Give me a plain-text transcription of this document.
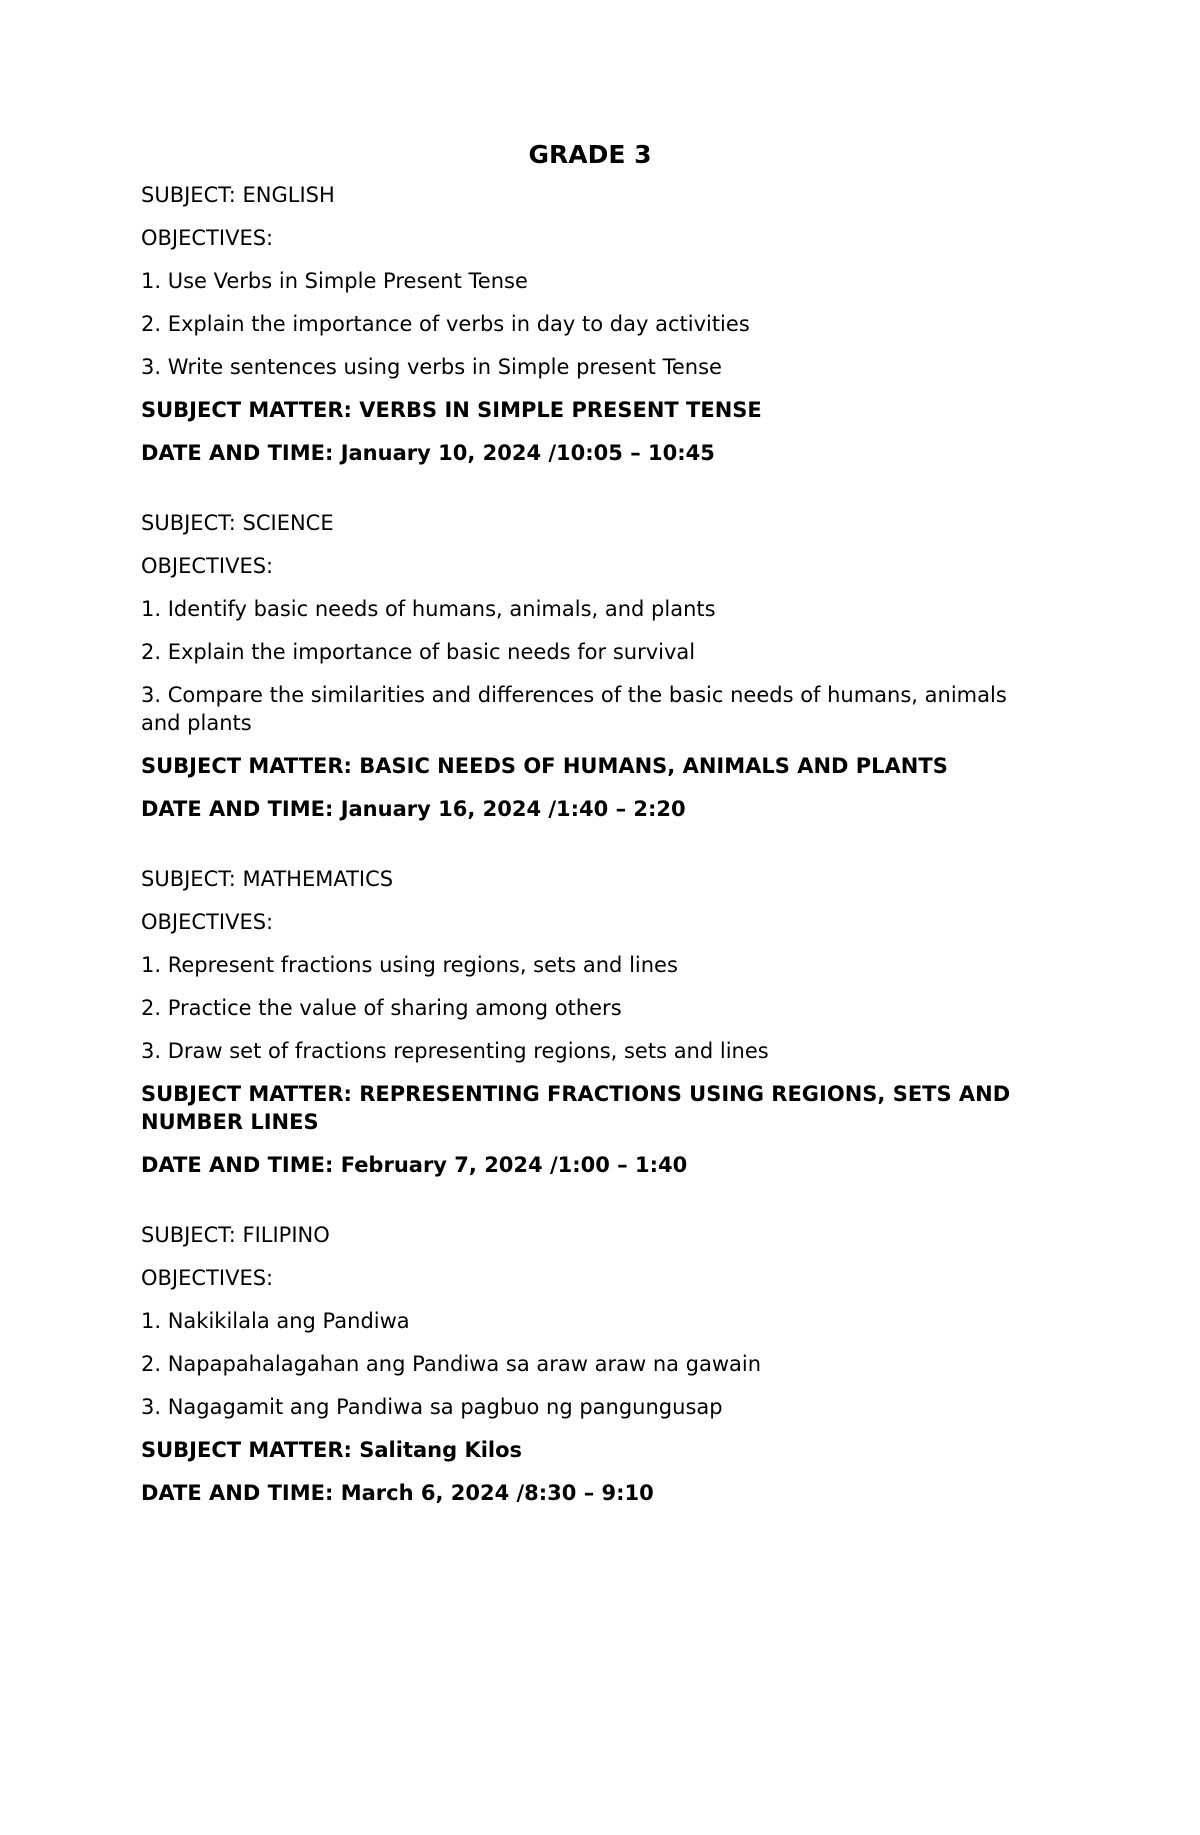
GRADE 3
SUBJECT: ENGLISH
OBJECTIVES:
1. Use Verbs in Simple Present Tense
2. Explain the importance of verbs in day to day activities
3. Write sentences using verbs in Simple present Tense
SUBJECT MATTER: VERBS IN SIMPLE PRESENT TENSE
DATE AND TIME: January 10, 2024 /10:05 – 10:45
SUBJECT: SCIENCE
OBJECTIVES:
1. Identify basic needs of humans, animals, and plants
2. Explain the importance of basic needs for survival
3. Compare the similarities and differences of the basic needs of humans, animals and plants
SUBJECT MATTER: BASIC NEEDS OF HUMANS, ANIMALS AND PLANTS
DATE AND TIME: January 16, 2024 /1:40 – 2:20
SUBJECT: MATHEMATICS
OBJECTIVES:
1. Represent fractions using regions, sets and lines
2. Practice the value of sharing among others
3. Draw set of fractions representing regions, sets and lines
SUBJECT MATTER: REPRESENTING FRACTIONS USING REGIONS, SETS AND NUMBER LINES
DATE AND TIME: February 7, 2024 /1:00 – 1:40
SUBJECT: FILIPINO
OBJECTIVES:
1. Nakikilala ang Pandiwa
2. Napapahalagahan ang Pandiwa sa araw araw na gawain
3. Nagagamit ang Pandiwa sa pagbuo ng pangungusap
SUBJECT MATTER: Salitang Kilos
DATE AND TIME: March 6, 2024 /8:30 – 9:10
